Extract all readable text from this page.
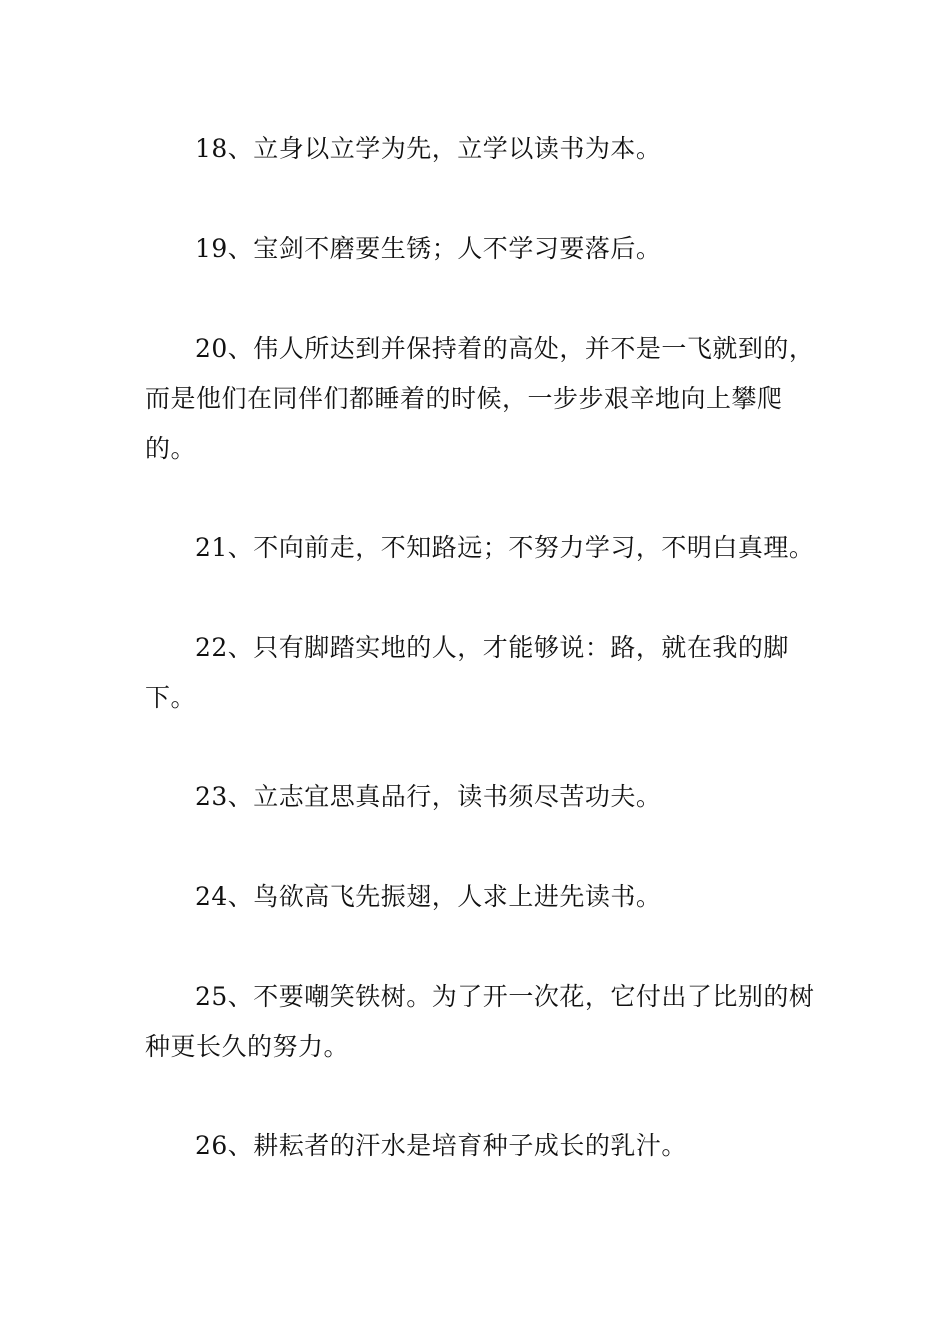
18、立身以立学为先，立学以读书为本。

19、宝剑不磨要生锈；人不学习要落后。

20、伟人所达到并保持着的高处，并不是一飞就到的，而是他们在同伴们都睡着的时候，一步步艰辛地向上攀爬的。

21、不向前走，不知路远；不努力学习，不明白真理。

22、只有脚踏实地的人，才能够说：路，就在我的脚下。

23、立志宜思真品行，读书须尽苦功夫。

24、鸟欲高飞先振翅，人求上进先读书。

25、不要嘲笑铁树。为了开一次花，它付出了比别的树种更长久的努力。

26、耕耘者的汗水是培育种子成长的乳汁。
